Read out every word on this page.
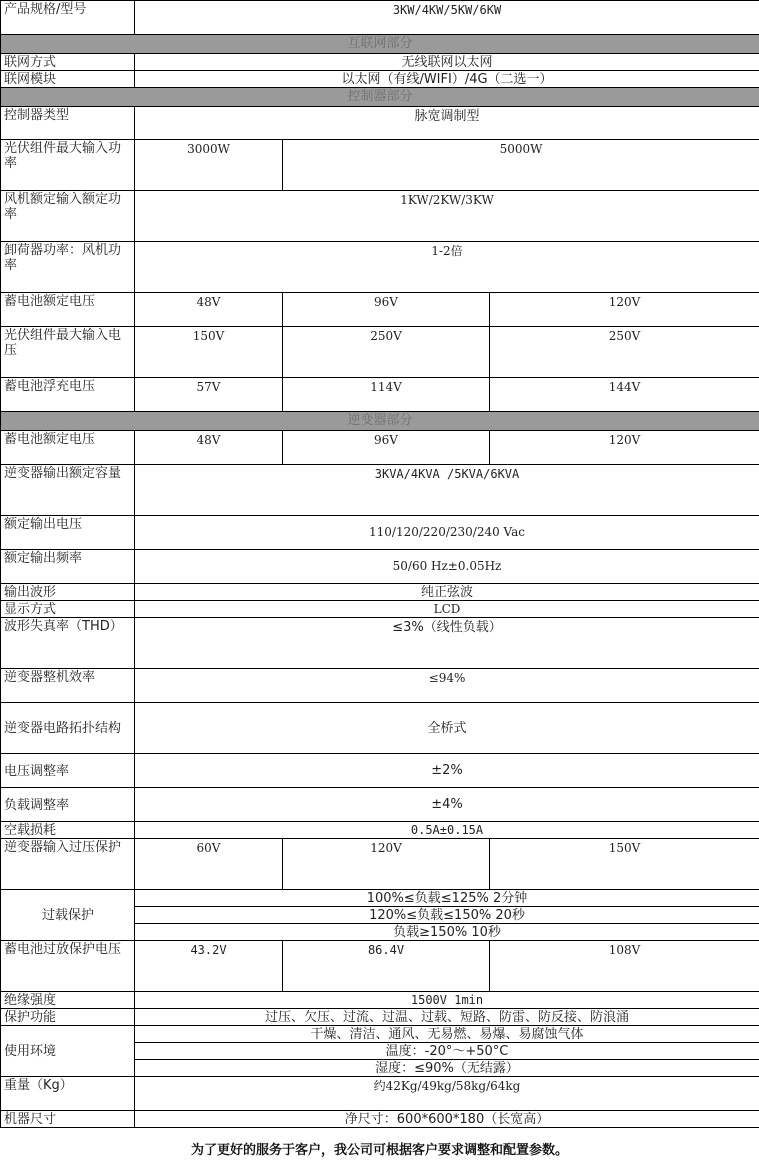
产品规格/型号	3KW/4KW/5KW/6KW		
互联网部分			
联网方式	无线联网以太网		
联网模块	以太网（有线/WIFI）/4G（二选一）		
控制器部分			
控制器类型	脉宽调制型		
光伏组件最大输入功率	3000W	5000W	
风机额定输入额定功率	1KW/2KW/3KW		
卸荷器功率：风机功率	1-2倍		
蓄电池额定电压	48V	96V	120V
光伏组件最大输入电压	150V	250V	250V
蓄电池浮充电压	57V	114V	144V
逆变器部分			
蓄电池额定电压	48V	96V	120V
逆变器输出额定容量	3KVA/4KVA /5KVA/6KVA		
额定输出电压	110/120/220/230/240 Vac		
额定输出频率	50/60 Hz±0.05Hz		
输出波形	纯正弦波		
显示方式	LCD		
波形失真率（THD）	≤3%（线性负载）		
逆变器整机效率	≤94%		
逆变器电路拓扑结构	全桥式		
电压调整率	±2%		
负载调整率	±4%		
空载损耗	0.5A±0.15A		
逆变器输入过压保护	60V	120V	150V
过载保护	100%≤负载≤125% 2分钟		
	120%≤负载≤150% 20秒		
	负载≥150% 10秒		
蓄电池过放保护电压	43.2V	86.4V	108V
绝缘强度	1500V 1min		
保护功能	过压、欠压、过流、过温、过载、短路、防雷、防反接、防浪涌		
使用环境	干燥、清洁、通风、无易燃、易爆、易腐蚀气体		
	温度：-20°～+50°C		
	湿度：≤90%（无结露）		
重量（Kg）	约42Kg/49kg/58kg/64kg		
机器尺寸	净尺寸：600*600*180（长宽高）		
为了更好的服务于客户，我公司可根据客户要求调整和配置参数。
